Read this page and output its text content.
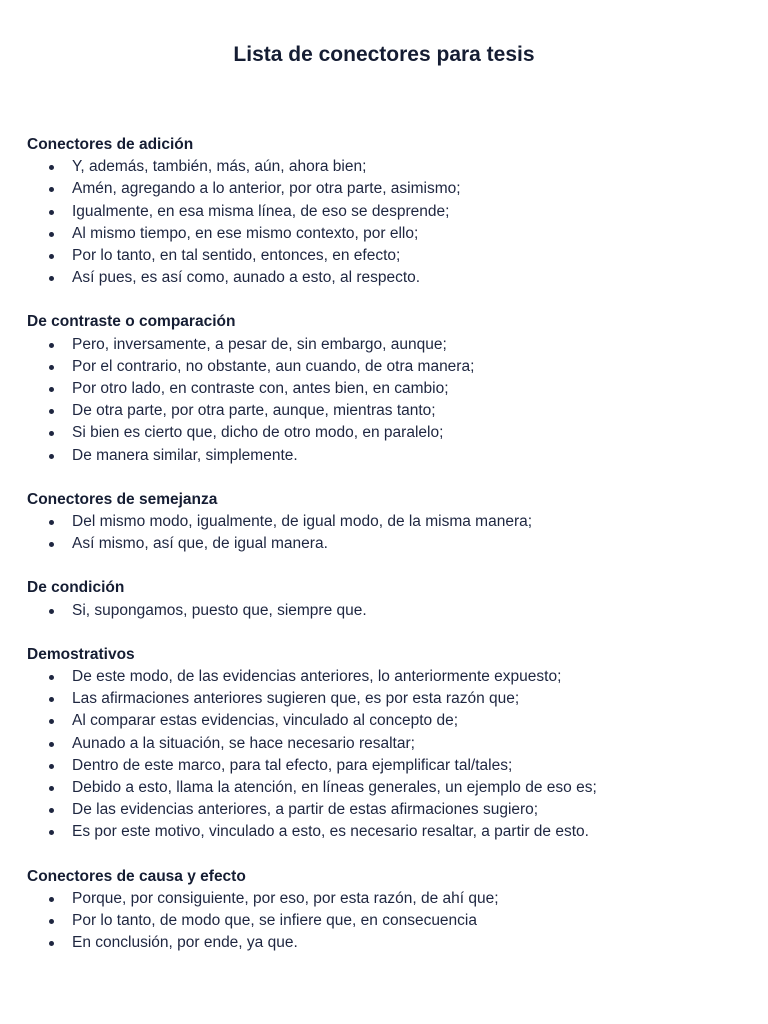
Lista de conectores para tesis
Conectores de adición
Y, además, también, más, aún, ahora bien;
Amén, agregando a lo anterior, por otra parte, asimismo;
Igualmente, en esa misma línea, de eso se desprende;
Al mismo tiempo, en ese mismo contexto, por ello;
Por lo tanto, en tal sentido, entonces, en efecto;
Así pues, es así como, aunado a esto, al respecto.
De contraste o comparación
Pero, inversamente, a pesar de, sin embargo, aunque;
Por el contrario, no obstante, aun cuando, de otra manera;
Por otro lado, en contraste con, antes bien, en cambio;
De otra parte, por otra parte, aunque, mientras tanto;
Si bien es cierto que, dicho de otro modo, en paralelo;
De manera similar, simplemente.
Conectores de semejanza
Del mismo modo, igualmente, de igual modo, de la misma manera;
Así mismo, así que, de igual manera.
De condición
Si, supongamos, puesto que, siempre que.
Demostrativos
De este modo, de las evidencias anteriores, lo anteriormente expuesto;
Las afirmaciones anteriores sugieren que, es por esta razón que;
Al comparar estas evidencias, vinculado al concepto de;
Aunado a la situación, se hace necesario resaltar;
Dentro de este marco, para tal efecto, para ejemplificar tal/tales;
Debido a esto, llama la atención, en líneas generales, un ejemplo de eso es;
De las evidencias anteriores, a partir de estas afirmaciones sugiero;
Es por este motivo, vinculado a esto, es necesario resaltar, a partir de esto.
Conectores de causa y efecto
Porque, por consiguiente, por eso, por esta razón, de ahí que;
Por lo tanto, de modo que, se infiere que, en consecuencia
En conclusión, por ende, ya que.
